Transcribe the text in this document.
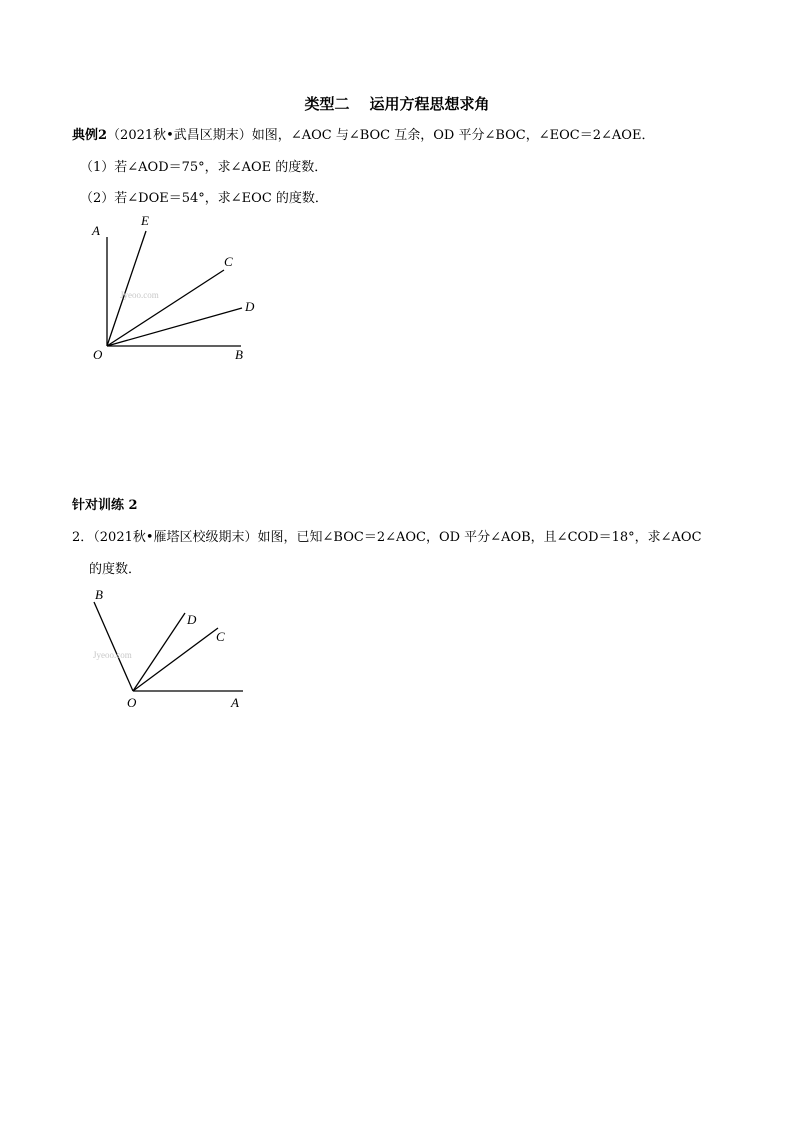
类型二 运用方程思想求角
典例2（2021秋•武昌区期末）如图，∠AOC 与∠BOC 互余，OD 平分∠BOC，∠EOC＝2∠AOE．
（1）若∠AOD＝75°，求∠AOE 的度数．
（2）若∠DOE＝54°，求∠EOC 的度数．
Jyeoo.com
A
E
C
D
O	B
针对训练 2
2．（2021秋•雁塔区校级期末）如图，已知∠BOC＝2∠AOC，OD 平分∠AOB，且∠COD＝18°，求∠AOC
的度数．
Jyeoo.com
B
D
C
O	A
